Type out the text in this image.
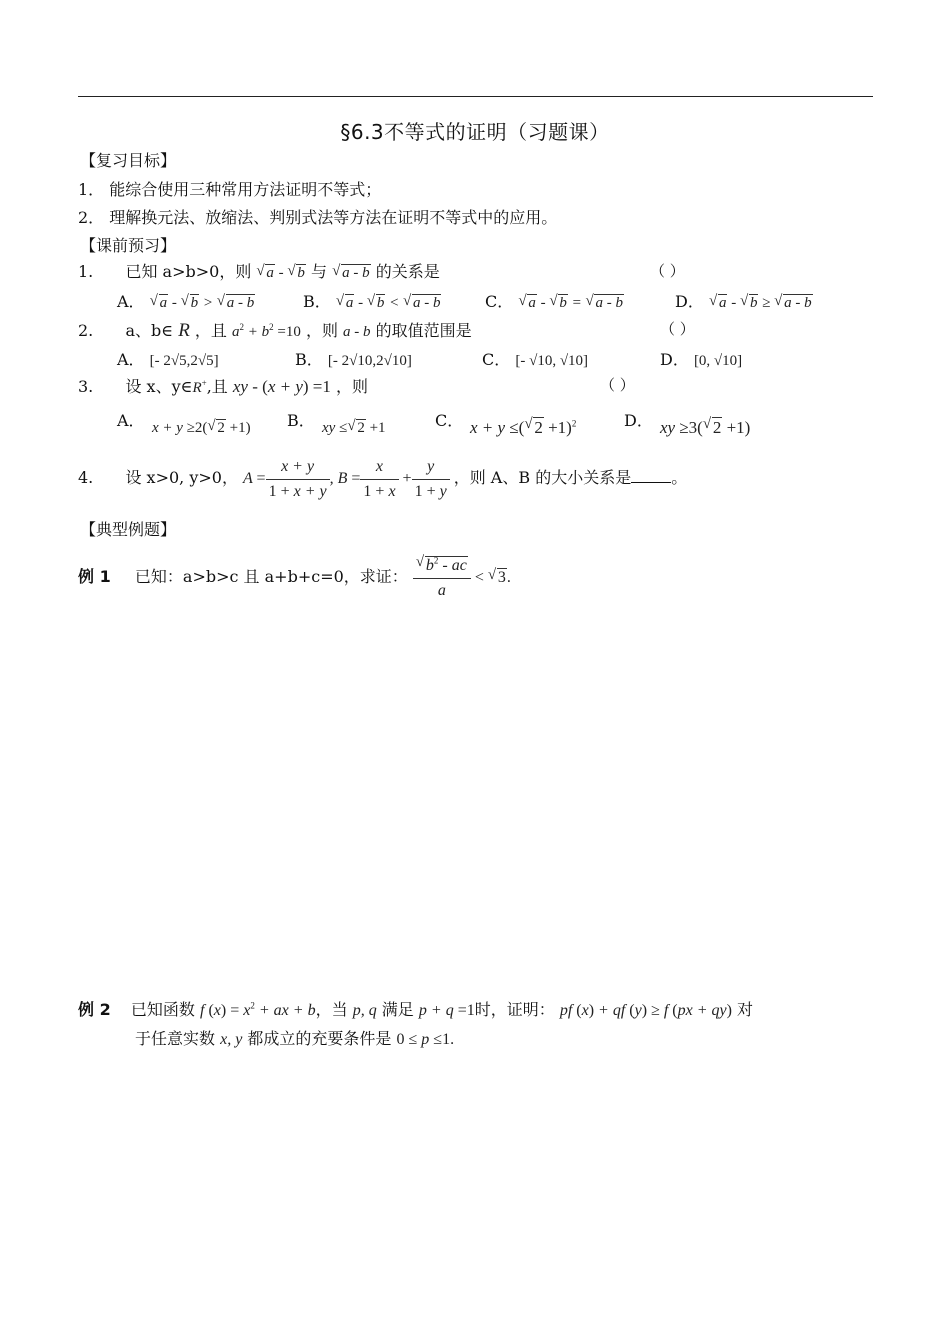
§6.3不等式的证明（习题课）
【复习目标】
1． 能综合使用三种常用方法证明不等式；
2． 理解换元法、放缩法、判别式法等方法在证明不等式中的应用。
【课前预习】
1. 已知 a>b>0，则 √ a - √ b 与 √ a - b 的关系是	（ ）
A． √ a - √ b > √ a - b	B． √ a - √ b < √ a - b	C． √ a - √ b = √ a - b	D． √ a - √ b ≥ √ a - b
2. a、b∈ R ，且 $a^2 + b^2 =10$ ，则 a - b 的取值范围是	（ ）
A． [- 2√5,2√5]	B． [- 2√10,2√10]	C． [- √10, √10]	D． [0, √10]
3. 设 x、y∈R+,且 xy - (x + y) =1 ，则	（ ）
A． x + y ≥2( √ 2 +1) B． xy ≤ √ 2 +1	C． x + y ≤( √ 2 +1)$^2$	D． xy ≥3( √ 2 +1)
4. 设 x>0, y>0， $A = \frac{x + y}{1 + x + y}$ , $B = \frac{x}{1 + x} + \frac{y}{1 + y}$ ，则 A、B 的大小关系是	。
【典型例题】
例 1 已知：a>b>c 且 a+b+c=0，求证： √ $\frac{b^2 - ac}{a}$ < √ 3.
例 2 已知函数 f $(x) = x^2$ + ax + b，当 p, q 满足 p + q =1时，证明： pf (x) + qf (y) ≥ f (px + qy) 对
于任意实数 x, y 都成立的充要条件是 0 ≤ p ≤1.
